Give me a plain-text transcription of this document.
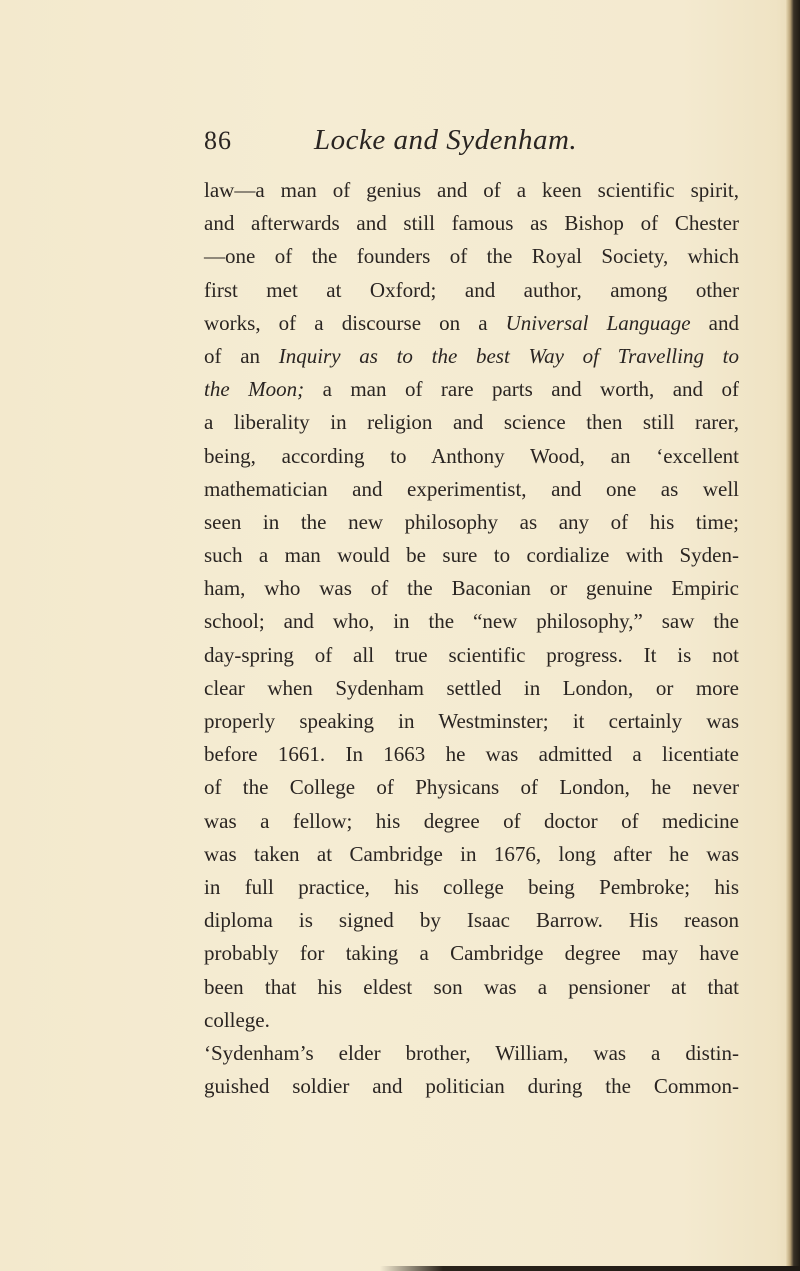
86	Locke and Sydenham.
law—a man of genius and of a keen scientific spirit,
and afterwards and still famous as Bishop of Chester
—one of the founders of the Royal Society, which
first met at Oxford; and author, among other
works, of a discourse on a Universal Language and
of an Inquiry as to the best Way of Travelling to
the Moon; a man of rare parts and worth, and of
a liberality in religion and science then still rarer,
being, according to Anthony Wood, an ‘excellent
mathematician and experimentist, and one as well
seen in the new philosophy as any of his time;
such a man would be sure to cordialize with Syden-
ham, who was of the Baconian or genuine Empiric
school; and who, in the “new philosophy,” saw the
day-spring of all true scientific progress. It is not
clear when Sydenham settled in London, or more
properly speaking in Westminster; it certainly was
before 1661. In 1663 he was admitted a licentiate
of the College of Physicans of London, he never
was a fellow; his degree of doctor of medicine
was taken at Cambridge in 1676, long after he was
in full practice, his college being Pembroke; his
diploma is signed by Isaac Barrow. His reason
probably for taking a Cambridge degree may have
been that his eldest son was a pensioner at that
college.
‘Sydenham’s elder brother, William, was a distin-
guished soldier and politician during the Common-
